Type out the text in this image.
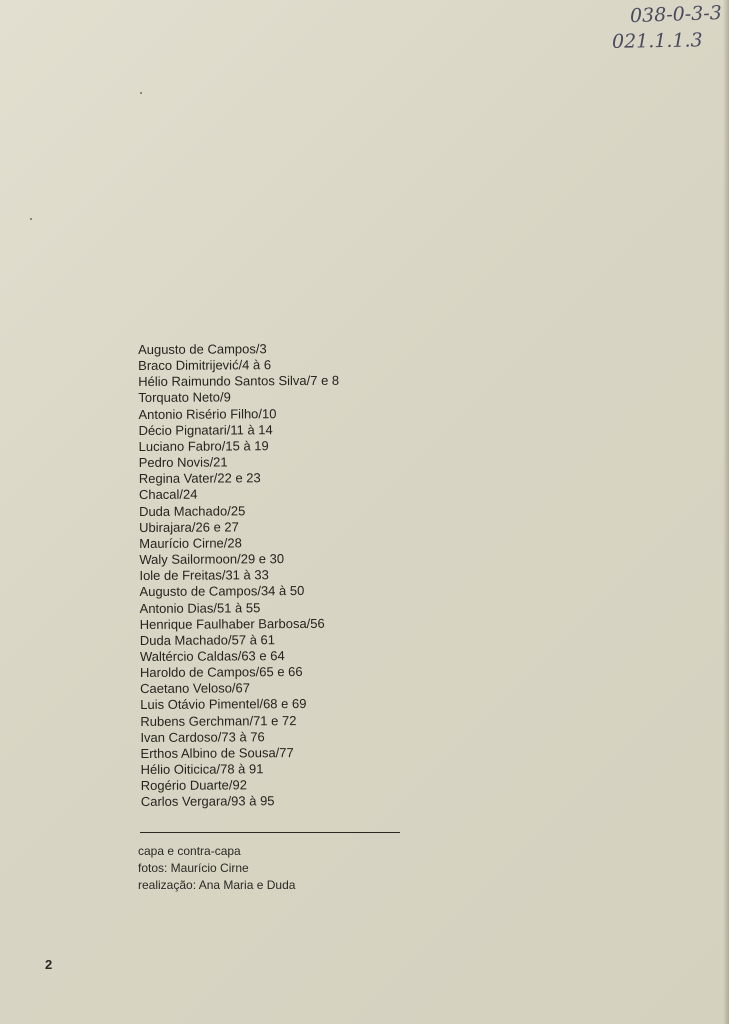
038-0-3-3
021.1.1.3
Augusto de Campos/3
Braco Dimitrijević/4 à 6
Hélio Raimundo Santos Silva/7 e 8
Torquato Neto/9
Antonio Risério Filho/10
Décio Pignatari/11 à 14
Luciano Fabro/15 à 19
Pedro Novis/21
Regina Vater/22 e 23
Chacal/24
Duda Machado/25
Ubirajara/26 e 27
Maurício Cirne/28
Waly Sailormoon/29 e 30
Iole de Freitas/31 à 33
Augusto de Campos/34 à 50
Antonio Dias/51 à 55
Henrique Faulhaber Barbosa/56
Duda Machado/57 à 61
Waltércio Caldas/63 e 64
Haroldo de Campos/65 e 66
Caetano Veloso/67
Luis Otávio Pimentel/68 e 69
Rubens Gerchman/71 e 72
Ivan Cardoso/73 à 76
Erthos Albino de Sousa/77
Hélio Oiticica/78 à 91
Rogério Duarte/92
Carlos Vergara/93 à 95
capa e contra-capa
fotos: Maurício Cirne
realização: Ana Maria e Duda
2
